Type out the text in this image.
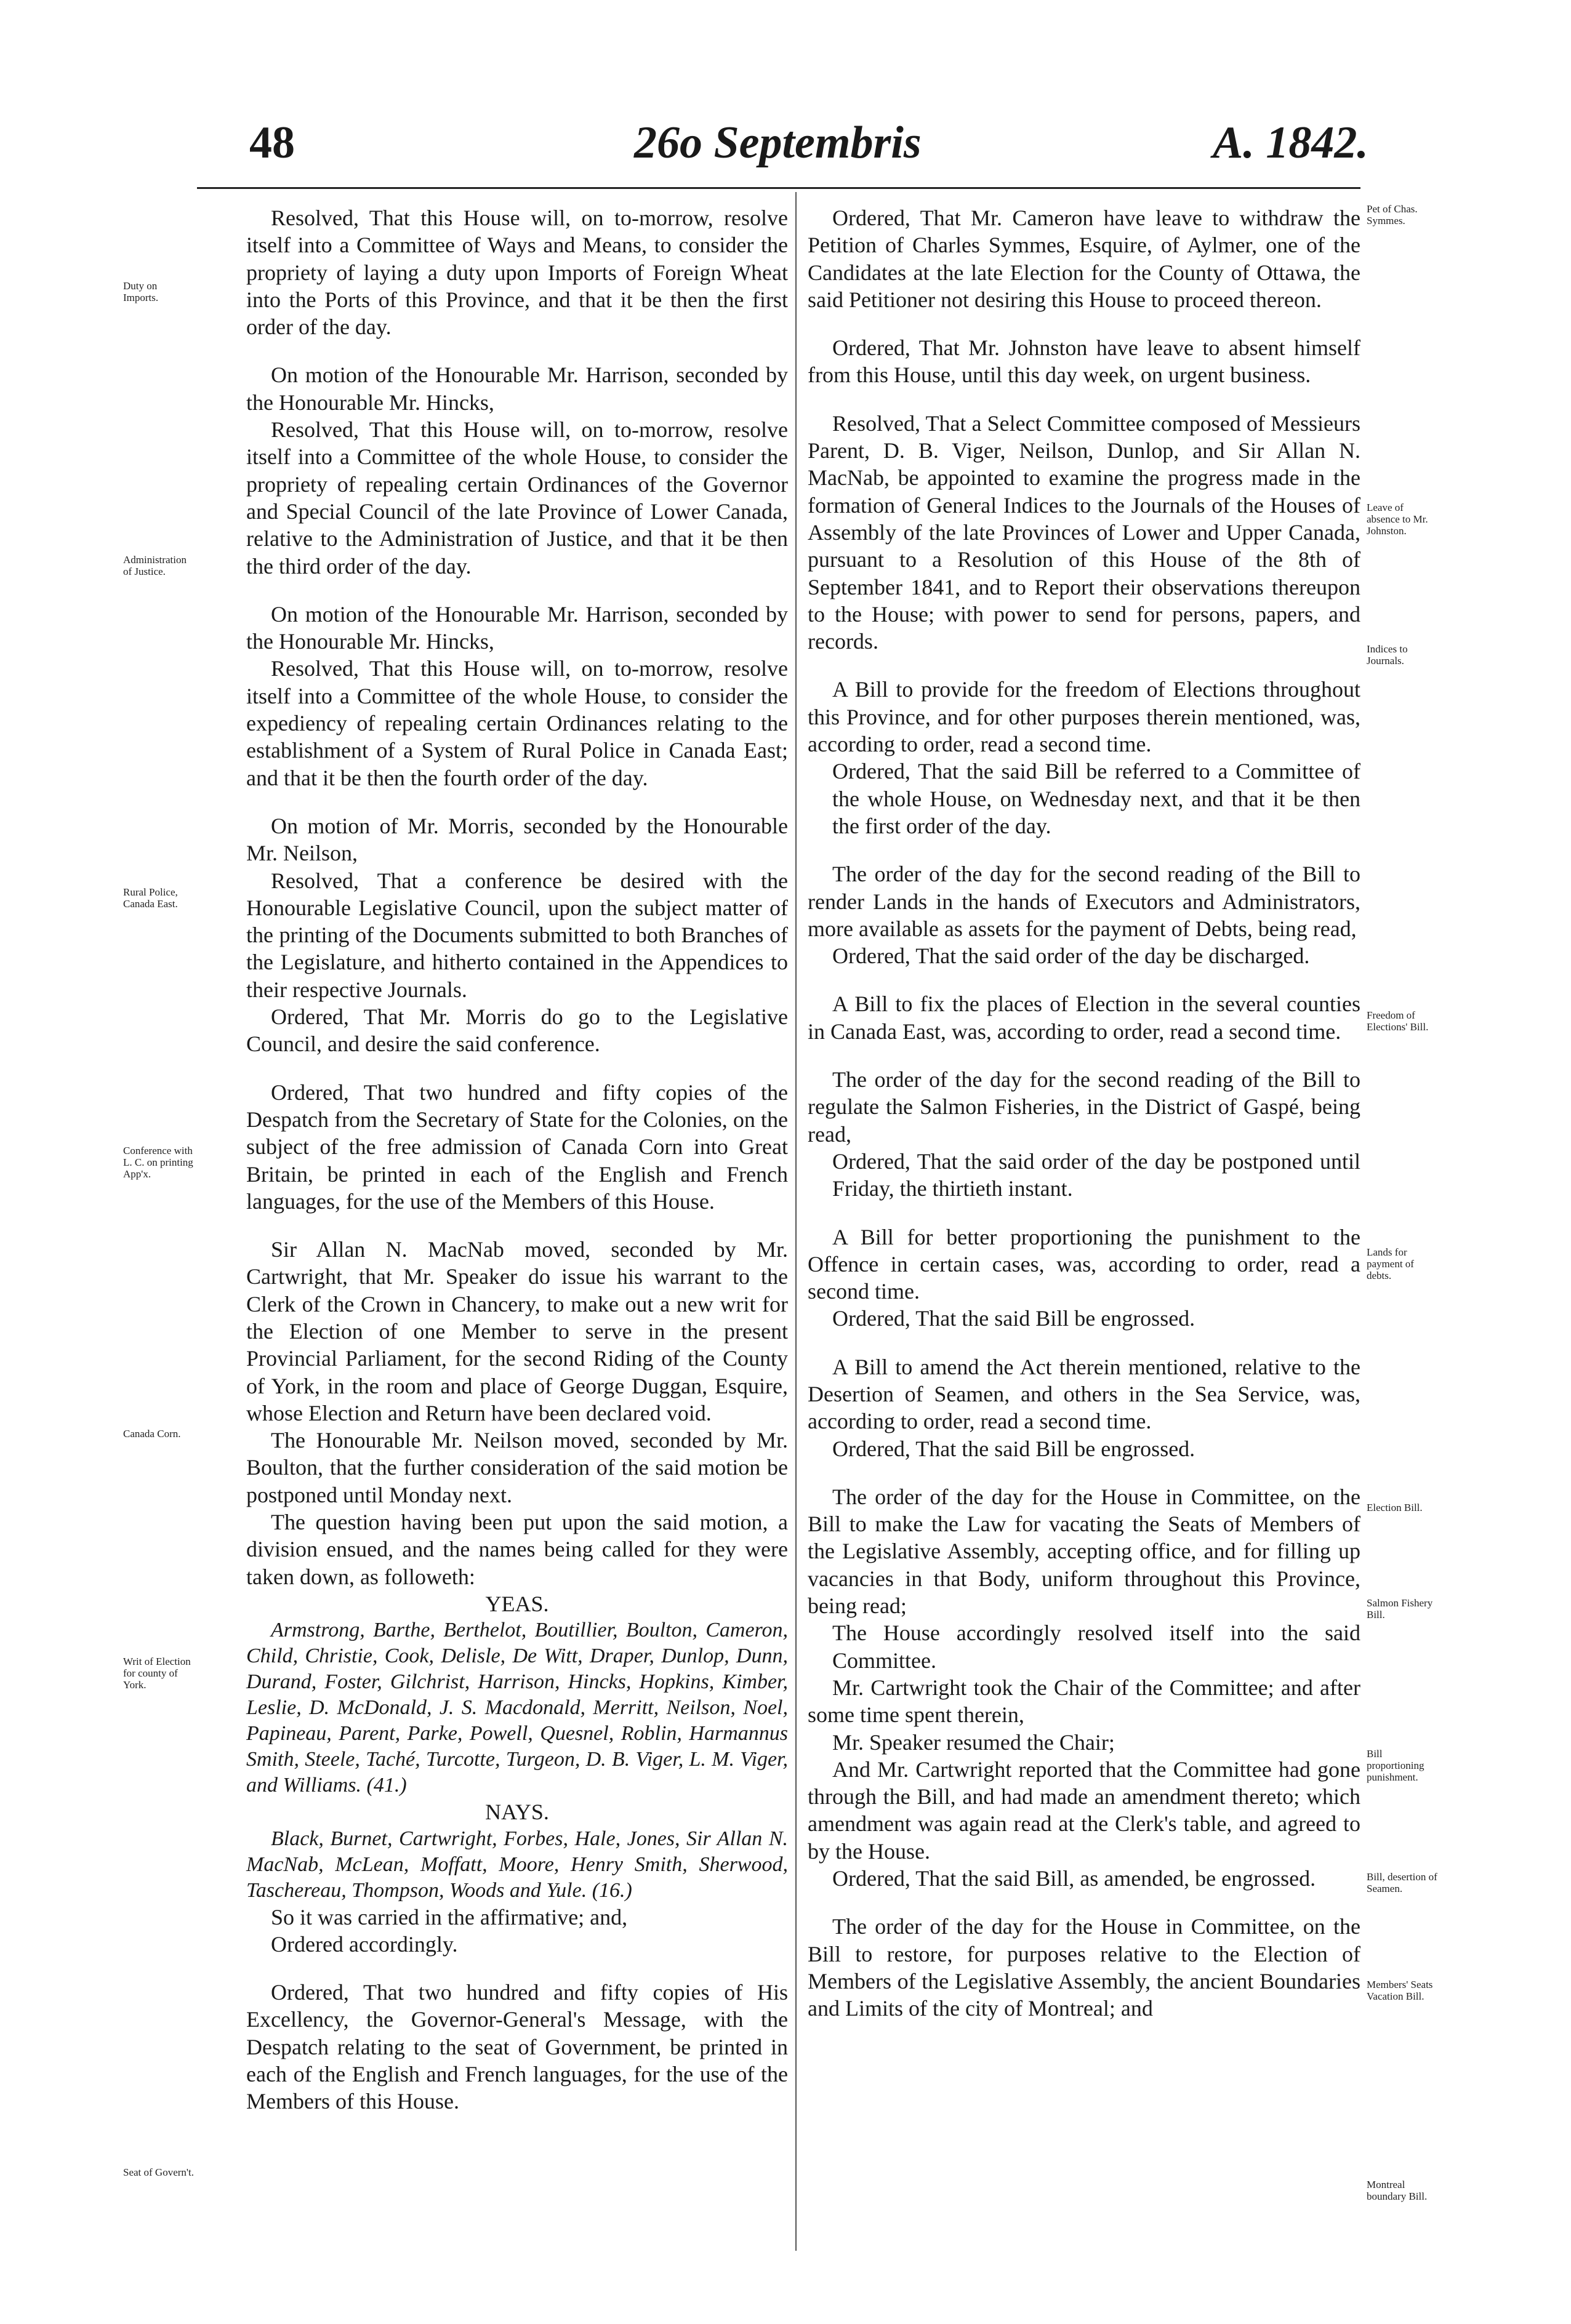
48	26o Septembris	A. 1842.

Resolved, That this House will, on to-morrow, resolve itself into a Committee of Ways and Means, to consider the propriety of laying a duty upon Imports of Foreign Wheat into the Ports of this Province, and that it be then the first order of the day.

On motion of the Honourable Mr. Harrison, seconded by the Honourable Mr. Hincks,

Resolved, That this House will, on to-morrow, resolve itself into a Committee of the whole House, to consider the propriety of repealing certain Ordinances of the Governor and Special Council of the late Province of Lower Canada, relative to the Administration of Justice, and that it be then the third order of the day.

On motion of the Honourable Mr. Harrison, seconded by the Honourable Mr. Hincks,

Resolved, That this House will, on to-morrow, resolve itself into a Committee of the whole House, to consider the expediency of repealing certain Ordinances relating to the establishment of a System of Rural Police in Canada East; and that it be then the fourth order of the day.

On motion of Mr. Morris, seconded by the Honourable Mr. Neilson,

Resolved, That a conference be desired with the Honourable Legislative Council, upon the subject matter of the printing of the Documents submitted to both Branches of the Legislature, and hitherto contained in the Appendices to their respective Journals.

Ordered, That Mr. Morris do go to the Legislative Council, and desire the said conference.

Ordered, That two hundred and fifty copies of the Despatch from the Secretary of State for the Colonies, on the subject of the free admission of Canada Corn into Great Britain, be printed in each of the English and French languages, for the use of the Members of this House.

Sir Allan N. MacNab moved, seconded by Mr. Cartwright, that Mr. Speaker do issue his warrant to the Clerk of the Crown in Chancery, to make out a new writ for the Election of one Member to serve in the present Provincial Parliament, for the second Riding of the County of York, in the room and place of George Duggan, Esquire, whose Election and Return have been declared void.

The Honourable Mr. Neilson moved, seconded by Mr. Boulton, that the further consideration of the said motion be postponed until Monday next.

The question having been put upon the said motion, a division ensued, and the names being called for they were taken down, as followeth:

YEAS.

Armstrong, Barthe, Berthelot, Boutillier, Boulton, Cameron, Child, Christie, Cook, Delisle, De Witt, Draper, Dunlop, Dunn, Durand, Foster, Gilchrist, Harrison, Hincks, Hopkins, Kimber, Leslie, D. McDonald, J. S. Macdonald, Merritt, Neilson, Noel, Papineau, Parent, Parke, Powell, Quesnel, Roblin, Harmannus Smith, Steele, Taché, Turcotte, Turgeon, D. B. Viger, L. M. Viger, and Williams. (41.)

NAYS.

Black, Burnet, Cartwright, Forbes, Hale, Jones, Sir Allan N. MacNab, McLean, Moffatt, Moore, Henry Smith, Sherwood, Taschereau, Thompson, Woods and Yule. (16.)

So it was carried in the affirmative; and,

Ordered accordingly.

Ordered, That two hundred and fifty copies of His Excellency, the Governor-General's Message, with the Despatch relating to the seat of Government, be printed in each of the English and French languages, for the use of the Members of this House.

Ordered, That Mr. Cameron have leave to withdraw the Petition of Charles Symmes, Esquire, of Aylmer, one of the Candidates at the late Election for the County of Ottawa, the said Petitioner not desiring this House to proceed thereon.

Ordered, That Mr. Johnston have leave to absent himself from this House, until this day week, on urgent business.

Resolved, That a Select Committee composed of Messieurs Parent, D. B. Viger, Neilson, Dunlop, and Sir Allan N. MacNab, be appointed to examine the progress made in the formation of General Indices to the Journals of the Houses of Assembly of the late Provinces of Lower and Upper Canada, pursuant to a Resolution of this House of the 8th of September 1841, and to Report their observations thereupon to the House; with power to send for persons, papers, and records.

A Bill to provide for the freedom of Elections throughout this Province, and for other purposes therein mentioned, was, according to order, read a second time.

Ordered, That the said Bill be referred to a Committee of the whole House, on Wednesday next, and that it be then the first order of the day.

The order of the day for the second reading of the Bill to render Lands in the hands of Executors and Administrators, more available as assets for the payment of Debts, being read,

Ordered, That the said order of the day be discharged.

A Bill to fix the places of Election in the several counties in Canada East, was, according to order, read a second time.

The order of the day for the second reading of the Bill to regulate the Salmon Fisheries, in the District of Gaspé, being read,

Ordered, That the said order of the day be postponed until Friday, the thirtieth instant.

A Bill for better proportioning the punishment to the Offence in certain cases, was, according to order, read a second time.

Ordered, That the said Bill be engrossed.

A Bill to amend the Act therein mentioned, relative to the Desertion of Seamen, and others in the Sea Service, was, according to order, read a second time.

Ordered, That the said Bill be engrossed.

The order of the day for the House in Committee, on the Bill to make the Law for vacating the Seats of Members of the Legislative Assembly, accepting office, and for filling up vacancies in that Body, uniform throughout this Province, being read;

The House accordingly resolved itself into the said Committee.

Mr. Cartwright took the Chair of the Committee; and after some time spent therein,

Mr. Speaker resumed the Chair;

And Mr. Cartwright reported that the Committee had gone through the Bill, and had made an amendment thereto; which amendment was again read at the Clerk's table, and agreed to by the House.

Ordered, That the said Bill, as amended, be engrossed.

The order of the day for the House in Committee, on the Bill to restore, for purposes relative to the Election of Members of the Legislative Assembly, the ancient Boundaries and Limits of the city of Montreal; and

Duty on Imports.
Administration of Justice.
Rural Police, Canada East.
Conference with L. C. on printing App'x.
Canada Corn.
Writ of Election for county of York.
Seat of Govern't.
Pet of Chas. Symmes.
Leave of absence to Mr. Johnston.
Indices to Journals.
Freedom of Elections' Bill.
Lands for payment of debts.
Election Bill.
Salmon Fishery Bill.
Bill proportioning punishment.
Bill, desertion of Seamen.
Members' Seats Vacation Bill.
Montreal boundary Bill.
